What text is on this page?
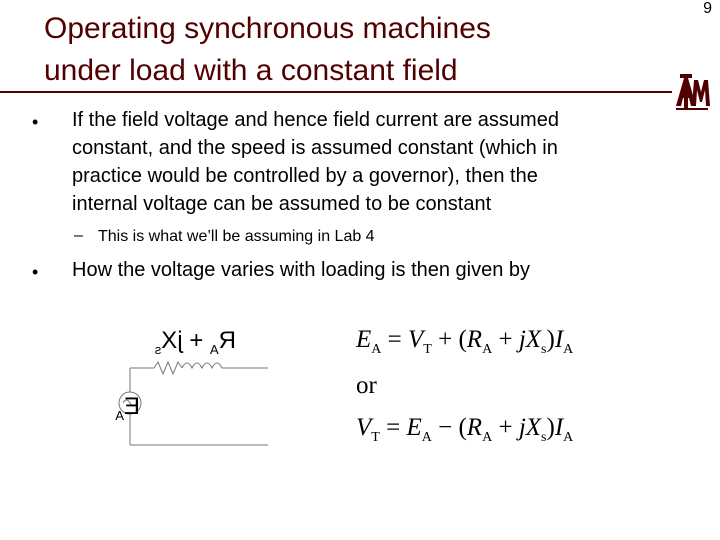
Operating synchronous machines
under load with a constant field
9
• If the field voltage and hence field current are assumed
constant, and the speed is assumed constant (which in
practice would be controlled by a governor), then the
internal voltage can be assumed to be constant
– This is what we’ll be assuming in Lab 4
• How the voltage varies with loading is then given by
$R_A + jX_s$
$E_A$
$E_A = V_T + (R_A + jX_s)I_A$
or
$V_T = E_A - (R_A + jX_s)I_A$
